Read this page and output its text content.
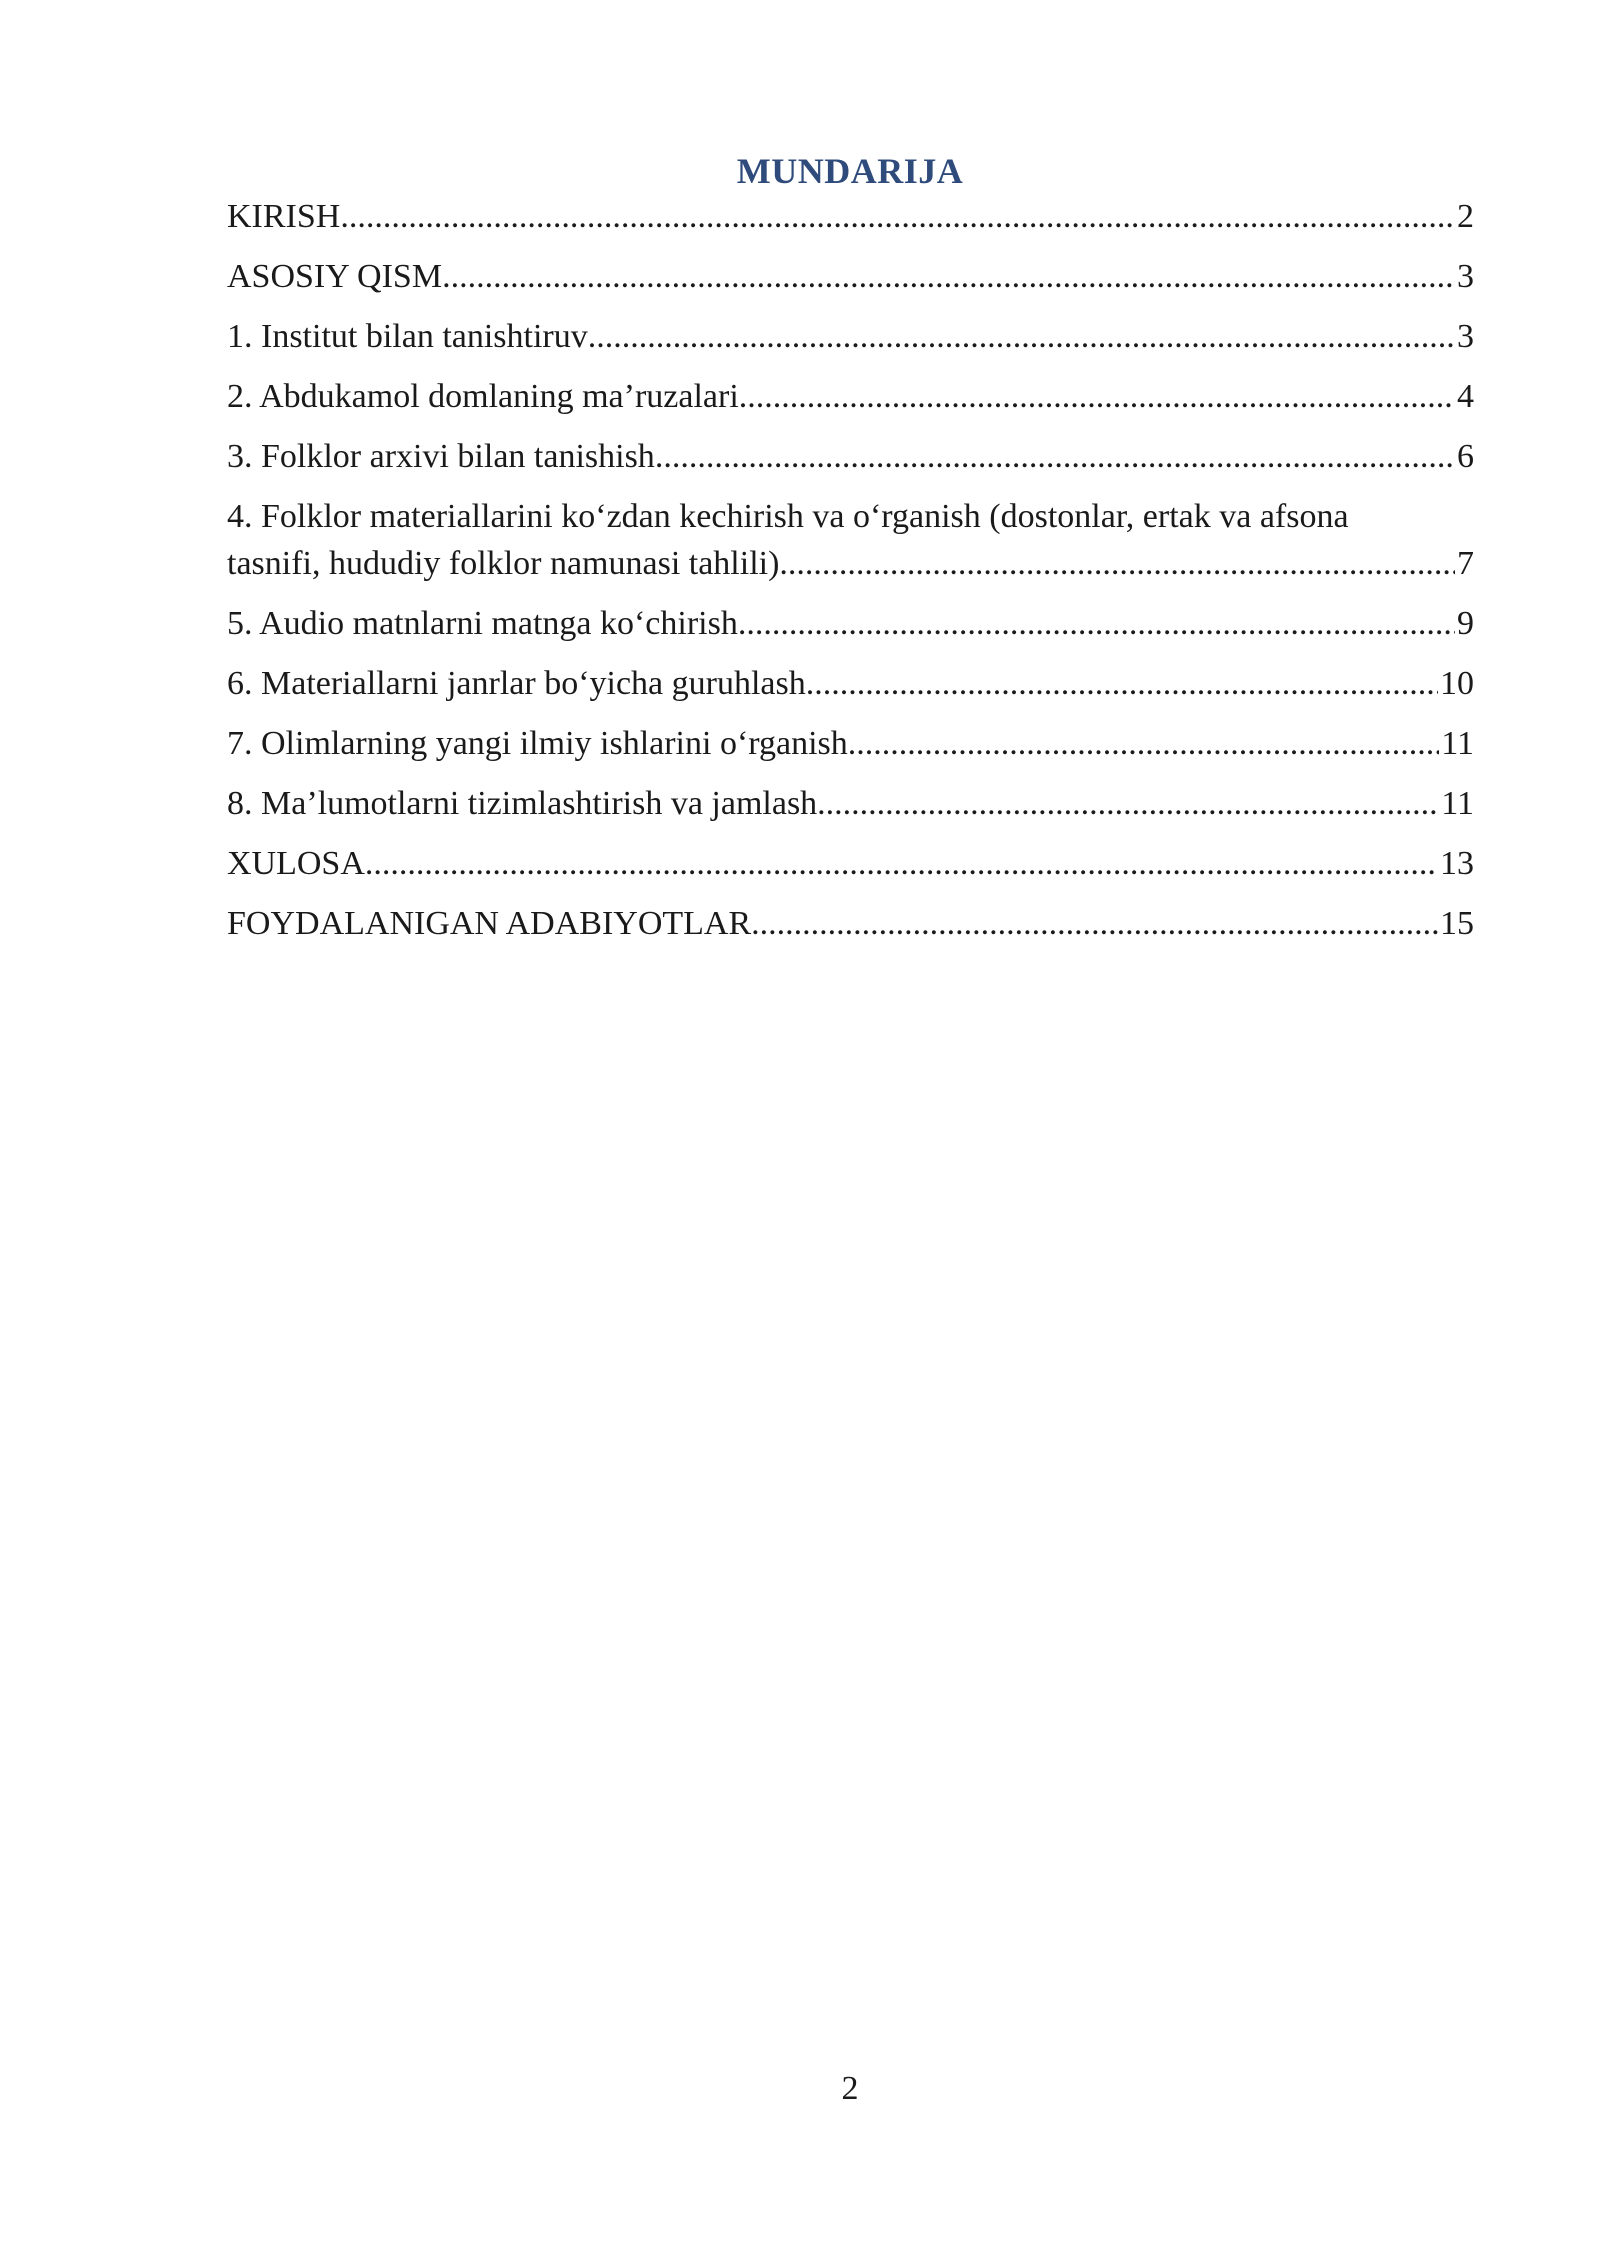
MUNDARIJA
KIRISH .....	2
ASOSIY QISM .....	3
1. Institut bilan tanishtiruv .....	3
2. Abdukamol domlaning ma’ruzalari .....	4
3. Folklor arxivi bilan tanishish .....	6
4. Folklor materiallarini ko‘zdan kechirish va o‘rganish (dostonlar, ertak va afsona
tasnifi, hududiy folklor namunasi tahlili) .....	7
5. Audio matnlarni matnga ko‘chirish .....	9
6. Materiallarni janrlar bo‘yicha guruhlash .....	10
7. Olimlarning yangi ilmiy ishlarini o‘rganish .....	11
8. Ma’lumotlarni tizimlashtirish va jamlash .....	11
XULOSA .....	13
FOYDALANIGAN ADABIYOTLAR .....	15
2
